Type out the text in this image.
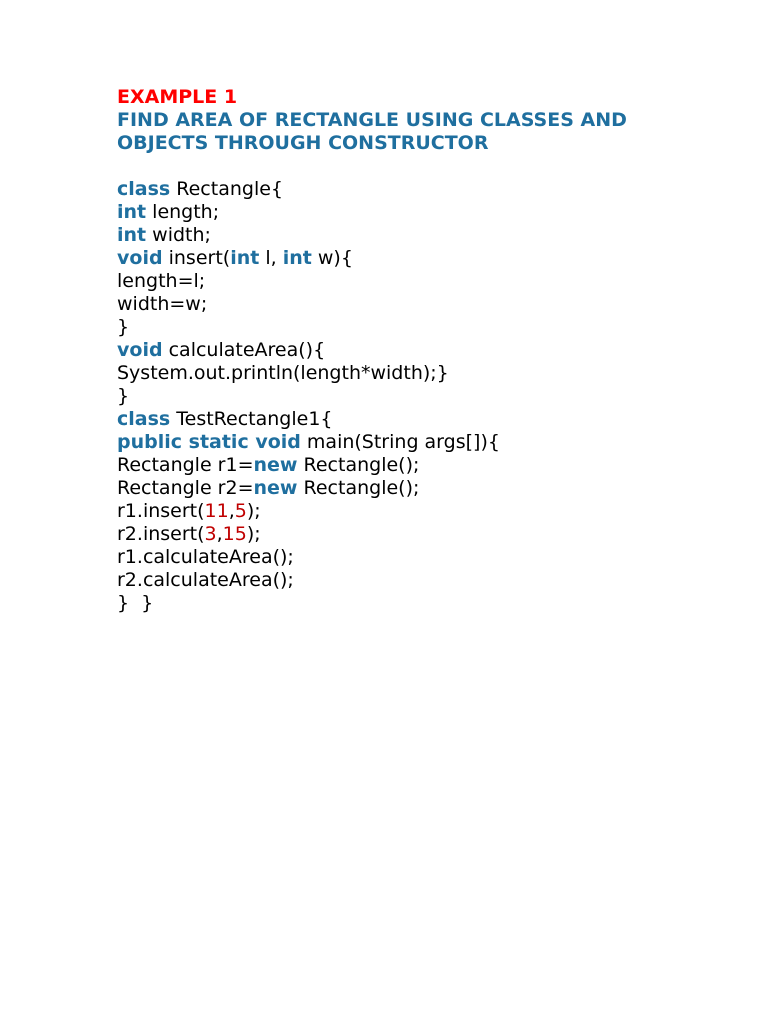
EXAMPLE 1
FIND AREA OF RECTANGLE USING CLASSES AND
OBJECTS THROUGH CONSTRUCTOR
class Rectangle{
int length;
int width;
void insert(int l, int w){
length=l;
width=w;
}
void calculateArea(){
System.out.println(length*width);}
}
class TestRectangle1{
public static void main(String args[]){
Rectangle r1=new Rectangle();
Rectangle r2=new Rectangle();
r1.insert(11,5);
r2.insert(3,15);
r1.calculateArea();
r2.calculateArea();
}  }
